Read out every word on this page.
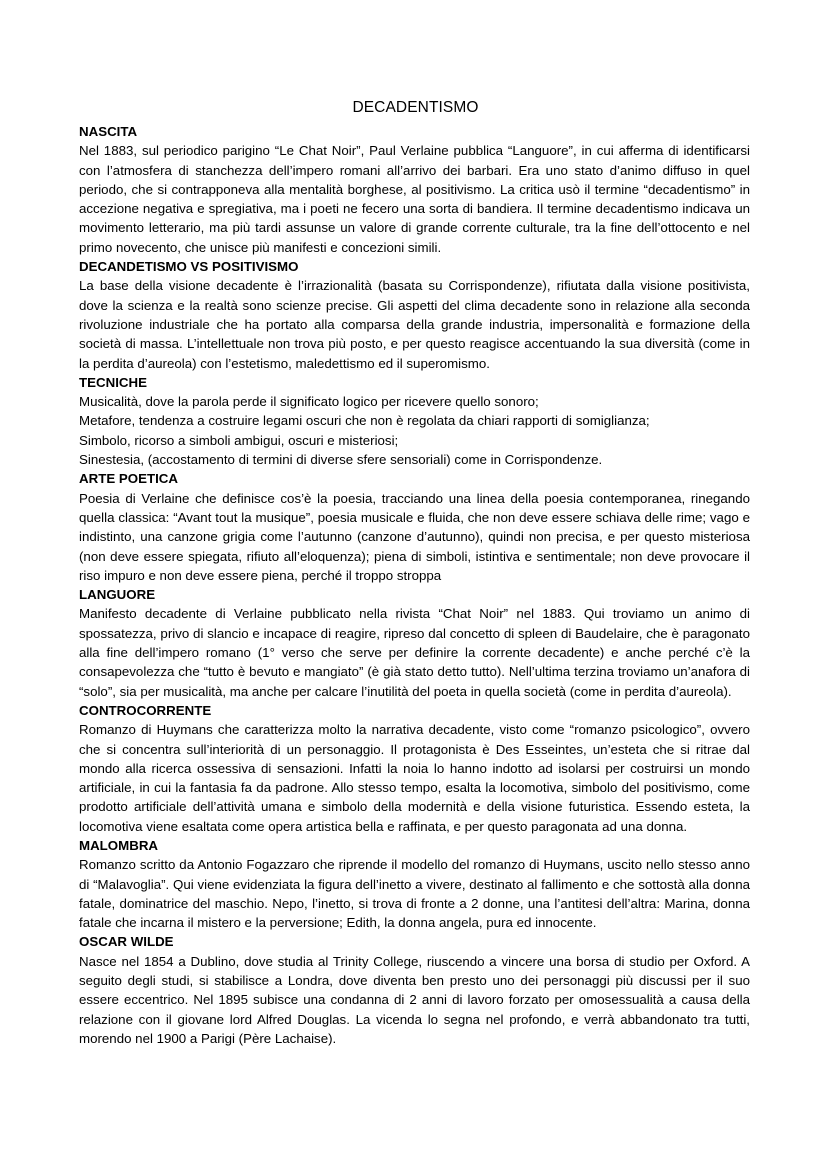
DECADENTISMO
NASCITA

Nel 1883, sul periodico parigino “Le Chat Noir”, Paul Verlaine pubblica “Languore”, in cui afferma di identificarsi con l’atmosfera di stanchezza dell’impero romani all’arrivo dei barbari. Era uno stato d’animo diffuso in quel periodo, che si contrapponeva alla mentalità borghese, al positivismo. La critica usò il termine “decadentismo” in accezione negativa e spregiativa, ma i poeti ne fecero una sorta di bandiera. Il termine decadentismo indicava un movimento letterario, ma più tardi assunse un valore di grande corrente culturale, tra la fine dell’ottocento e nel primo novecento, che unisce più manifesti e concezioni simili.

DECANDETISMO VS POSITIVISMO

La base della visione decadente è l’irrazionalità (basata su Corrispondenze), rifiutata dalla visione positivista, dove la scienza e la realtà sono scienze precise. Gli aspetti del clima decadente sono in relazione alla seconda rivoluzione industriale che ha portato alla comparsa della grande industria, impersonalità e formazione della società di massa. L’intellettuale non trova più posto, e per questo reagisce accentuando la sua diversità (come in la perdita d’aureola) con l’estetismo, maledettismo ed il superomismo.

TECNICHE
Musicalità, dove la parola perde il significato logico per ricevere quello sonoro;
Metafore, tendenza a costruire legami oscuri che non è regolata da chiari rapporti di somiglianza;
Simbolo, ricorso a simboli ambigui, oscuri e misteriosi;
Sinestesia, (accostamento di termini di diverse sfere sensoriali) come in Corrispondenze.
ARTE POETICA

Poesia di Verlaine che definisce cos’è la poesia, tracciando una linea della poesia contemporanea, rinegando quella classica: “Avant tout la musique”, poesia musicale e fluida, che non deve essere schiava delle rime; vago e indistinto, una canzone grigia come l’autunno (canzone d’autunno), quindi non precisa, e per questo misteriosa (non deve essere spiegata, rifiuto all’eloquenza); piena di simboli, istintiva e sentimentale; non deve provocare il riso impuro e non deve essere piena, perché il troppo stroppa

LANGUORE

Manifesto decadente di Verlaine pubblicato nella rivista “Chat Noir” nel 1883. Qui troviamo un animo di spossatezza, privo di slancio e incapace di reagire, ripreso dal concetto di spleen di Baudelaire, che è paragonato alla fine dell’impero romano (1° verso che serve per definire la corrente decadente) e anche perché c’è la consapevolezza che “tutto è bevuto e mangiato” (è già stato detto tutto). Nell’ultima terzina troviamo un’anafora di “solo”, sia per musicalità, ma anche per calcare l’inutilità del poeta in quella società (come in perdita d’aureola).

CONTROCORRENTE

Romanzo di Huymans che caratterizza molto la narrativa decadente, visto come “romanzo psicologico”, ovvero che si concentra sull’interiorità di un personaggio. Il protagonista è Des Esseintes, un’esteta che si ritrae dal mondo alla ricerca ossessiva di sensazioni. Infatti la noia lo hanno indotto ad isolarsi per costruirsi un mondo artificiale, in cui la fantasia fa da padrone. Allo stesso tempo, esalta la locomotiva, simbolo del positivismo, come prodotto artificiale dell’attività umana e simbolo della modernità e della visione futuristica. Essendo esteta, la locomotiva viene esaltata come opera artistica bella e raffinata, e per questo paragonata ad una donna.

MALOMBRA

Romanzo scritto da Antonio Fogazzaro che riprende il modello del romanzo di Huymans, uscito nello stesso anno di “Malavoglia”. Qui viene evidenziata la figura dell’inetto a vivere, destinato al fallimento e che sottostà alla donna fatale, dominatrice del maschio. Nepo, l’inetto, si trova di fronte a 2 donne, una l’antitesi dell’altra: Marina, donna fatale che incarna il mistero e la perversione; Edith, la donna angela, pura ed innocente.

OSCAR WILDE

Nasce nel 1854 a Dublino, dove studia al Trinity College, riuscendo a vincere una borsa di studio per Oxford. A seguito degli studi, si stabilisce a Londra, dove diventa ben presto uno dei personaggi più discussi per il suo essere eccentrico. Nel 1895 subisce una condanna di 2 anni di lavoro forzato per omosessualità a causa della relazione con il giovane lord Alfred Douglas. La vicenda lo segna nel profondo, e verrà abbandonato tra tutti, morendo nel 1900 a Parigi (Père Lachaise).
